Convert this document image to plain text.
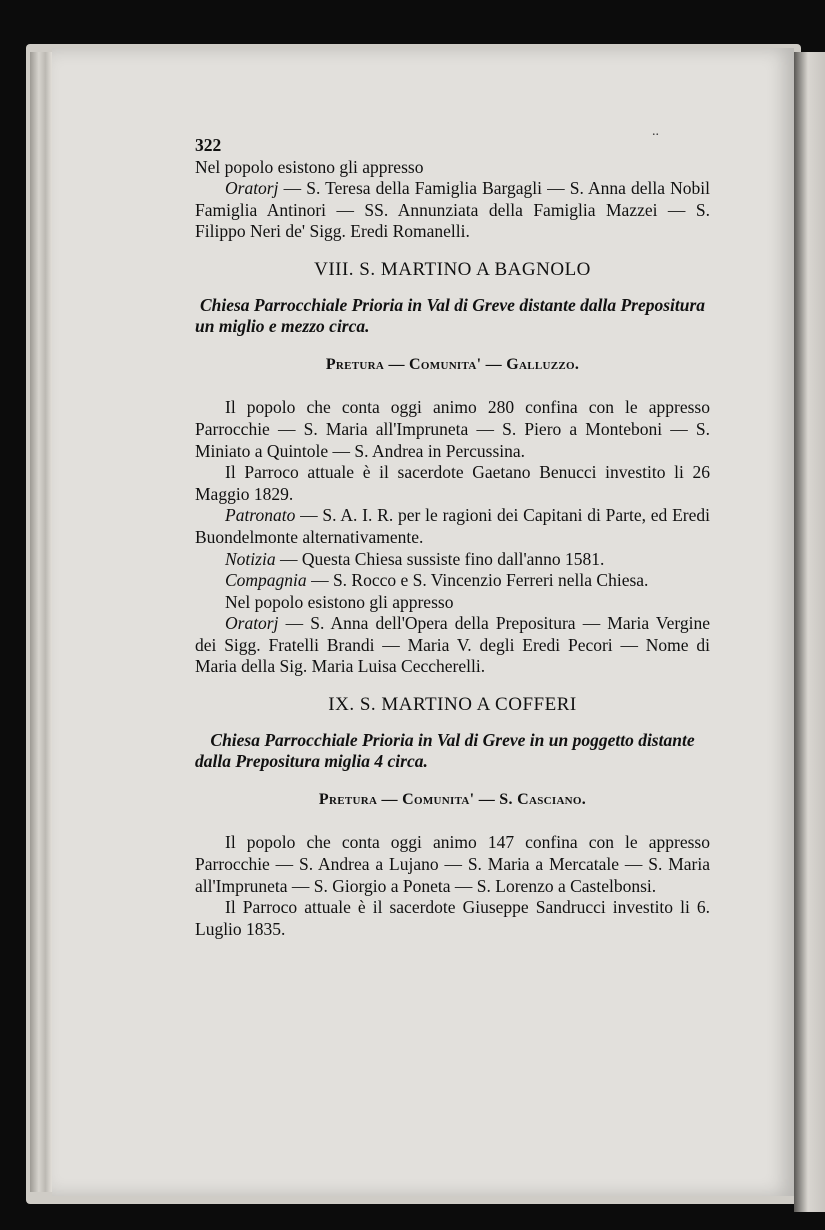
..
322

Nel popolo esistono gli appresso

Oratorj — S. Teresa della Famiglia Bargagli — S. Anna della Nobil Famiglia Antinori — SS. Annunziata della Famiglia Mazzei — S. Filippo Neri de' Sigg. Eredi Romanelli.

VIII. S. MARTINO A BAGNOLO

Chiesa Parrocchiale Prioria in Val di Greve distante dalla Prepositura un miglio e mezzo circa.

Pretura — Comunita' — Galluzzo.

Il popolo che conta oggi animo 280 confina con le appresso Parrocchie — S. Maria all'Impruneta — S. Piero a Monteboni — S. Miniato a Quintole — S. Andrea in Percussina.

Il Parroco attuale è il sacerdote Gaetano Benucci investito li 26 Maggio 1829.

Patronato — S. A. I. R. per le ragioni dei Capitani di Parte, ed Eredi Buondelmonte alternativamente.

Notizia — Questa Chiesa sussiste fino dall'anno 1581.

Compagnia — S. Rocco e S. Vincenzio Ferreri nella Chiesa.

Nel popolo esistono gli appresso

Oratorj — S. Anna dell'Opera della Prepositura — Maria Vergine dei Sigg. Fratelli Brandi — Maria V. degli Eredi Pecori — Nome di Maria della Sig. Maria Luisa Ceccherelli.

IX. S. MARTINO A COFFERI

Chiesa Parrocchiale Prioria in Val di Greve in un poggetto distante dalla Prepositura miglia 4 circa.

Pretura — Comunita' — S. Casciano.

Il popolo che conta oggi animo 147 confina con le appresso Parrocchie — S. Andrea a Lujano — S. Maria a Mercatale — S. Maria all'Impruneta — S. Giorgio a Poneta — S. Lorenzo a Castelbonsi.

Il Parroco attuale è il sacerdote Giuseppe Sandrucci investito li 6. Luglio 1835.
